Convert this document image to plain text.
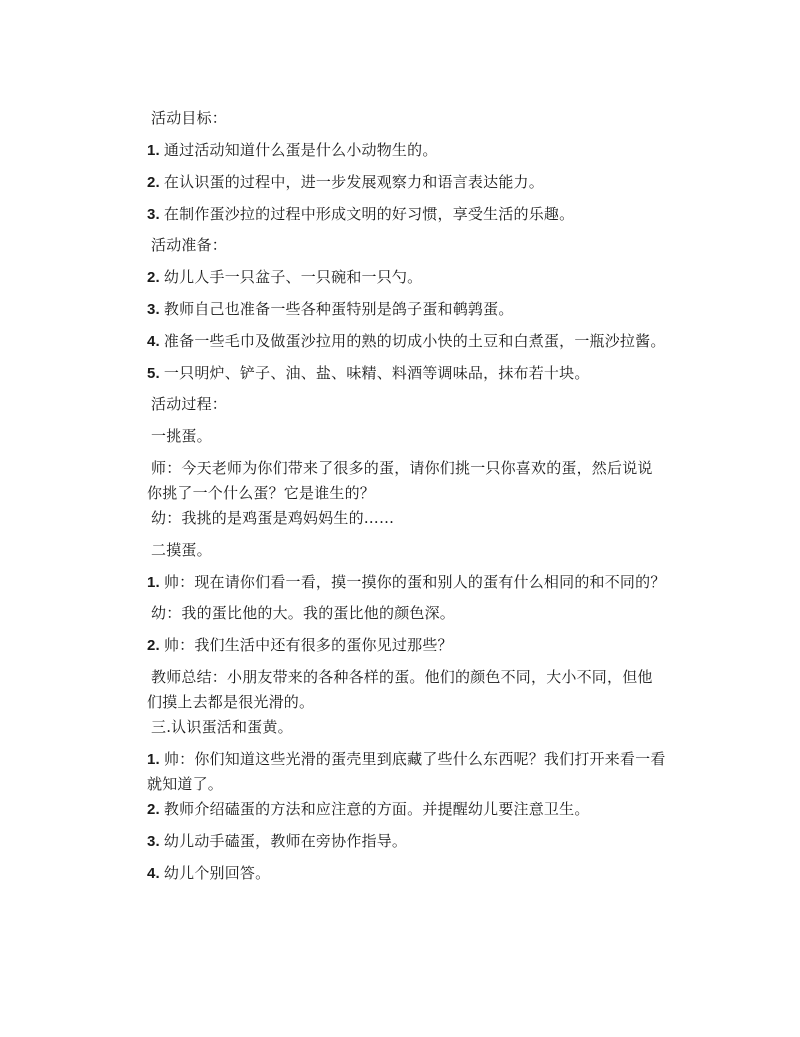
活动目标：
1. 通过活动知道什么蛋是什么小动物生的。
2. 在认识蛋的过程中，进一步发展观察力和语言表达能力。
3. 在制作蛋沙拉的过程中形成文明的好习惯，享受生活的乐趣。
活动准备：
2. 幼儿人手一只盆子、一只碗和一只勺。
3. 教师自己也准备一些各种蛋特别是鸽子蛋和鹌鹑蛋。
4. 准备一些毛巾及做蛋沙拉用的熟的切成小快的土豆和白煮蛋，一瓶沙拉酱。
5. 一只明炉、铲子、油、盐、味精、料酒等调味品，抹布若十块。
活动过程：
一挑蛋。
师：今天老师为你们带来了很多的蛋，请你们挑一只你喜欢的蛋，然后说说你挑了一个什么蛋？它是谁生的？
幼：我挑的是鸡蛋是鸡妈妈生的……
二摸蛋。
1. 帅：现在请你们看一看，摸一摸你的蛋和别人的蛋有什么相同的和不同的？
幼：我的蛋比他的大。我的蛋比他的颜色深。
2. 帅：我们生活中还有很多的蛋你见过那些？
教师总结：小朋友带来的各种各样的蛋。他们的颜色不同，大小不同，但他们摸上去都是很光滑的。
三.认识蛋活和蛋黄。
1. 帅：你们知道这些光滑的蛋壳里到底藏了些什么东西呢？我们打开来看一看就知道了。
2. 教师介绍磕蛋的方法和应注意的方面。并提醒幼儿要注意卫生。
3. 幼儿动手磕蛋，教师在旁协作指导。
4. 幼儿个别回答。
